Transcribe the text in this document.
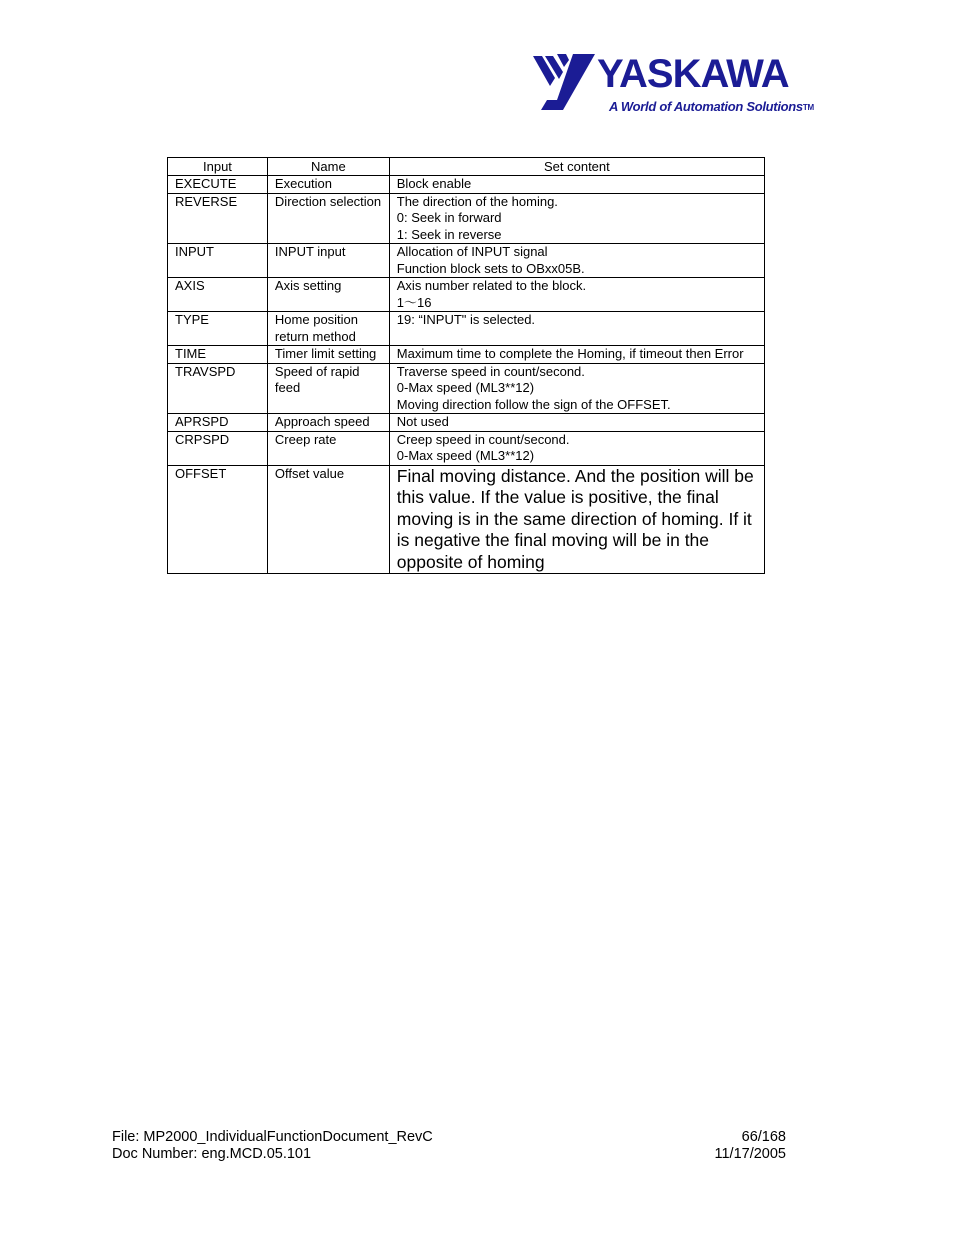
YASKAWA
A World of Automation SolutionsTM
Input	Name	Set content
EXECUTE	Execution	Block enable

REVERSE	Direction selection	The direction of the homing.
0: Seek in forward
1: Seek in reverse

INPUT	INPUT input	Allocation of INPUT signal
Function block sets to OBxx05B.

AXIS	Axis setting	Axis number related to the block.
1～16

TYPE	Home position return method	19: “INPUT" is selected.

TIME	Timer limit setting	Maximum time to complete the Homing, if timeout then Error

TRAVSPD	Speed of rapid feed	Traverse speed in count/second.
0-Max speed (ML3**12)
Moving direction follow the sign of the OFFSET.

APRSPD	Approach speed	Not used

CRPSPD	Creep rate	Creep speed in count/second.
0-Max speed (ML3**12)

OFFSET	Offset value	Final moving distance. And the position will be this value. If the value is positive, the final moving is in the same direction of homing. If it is negative the final moving will be in the opposite of homing
File: MP2000_IndividualFunctionDocument_RevC
Doc Number: eng.MCD.05.101
66/168
11/17/2005
